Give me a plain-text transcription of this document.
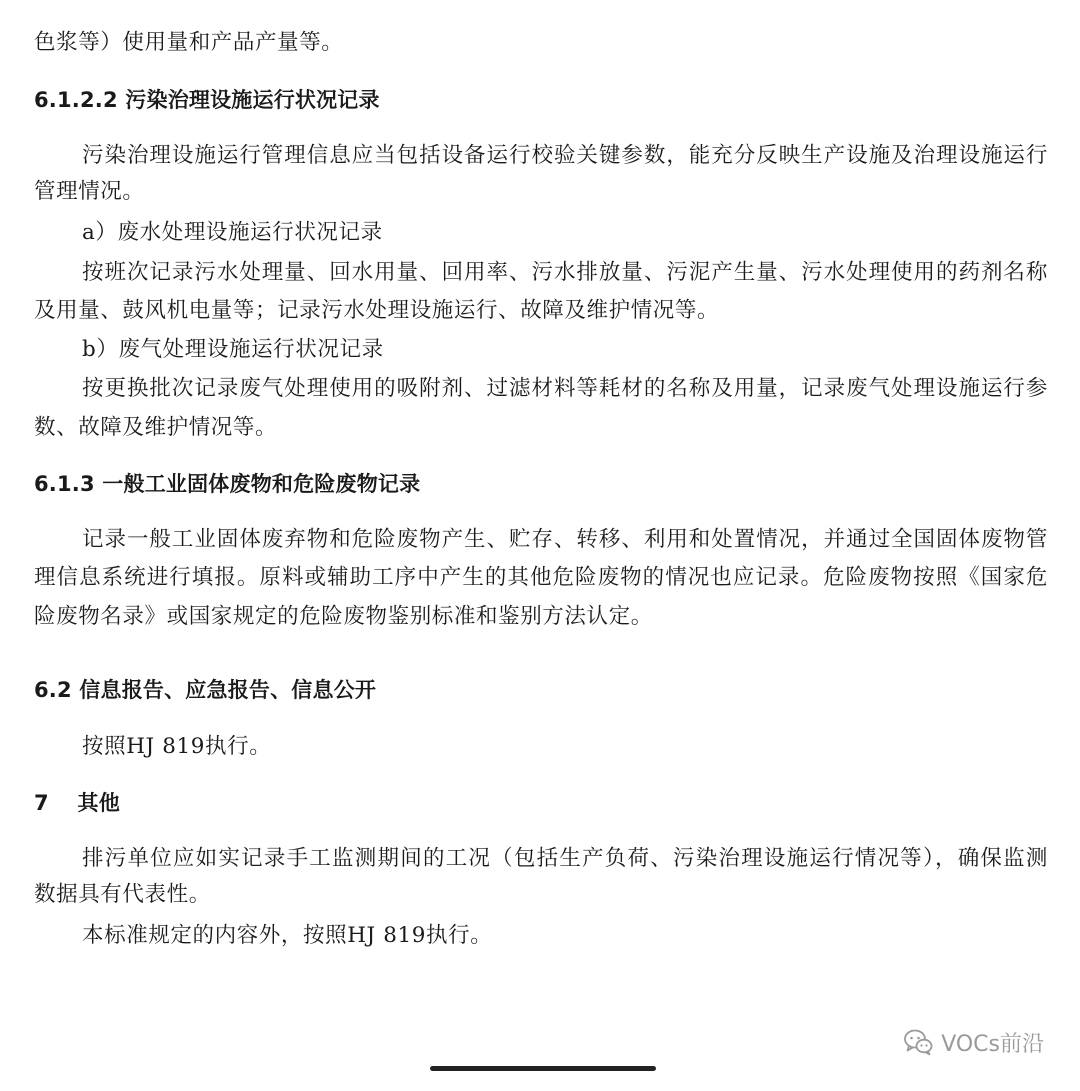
色浆等）使用量和产品产量等。
6.1.2.2 污染治理设施运行状况记录
污染治理设施运行管理信息应当包括设备运行校验关键参数，能充分反映生产设施及治理设施运行
管理情况。
a）废水处理设施运行状况记录
按班次记录污水处理量、回水用量、回用率、污水排放量、污泥产生量、污水处理使用的药剂名称
及用量、鼓风机电量等；记录污水处理设施运行、故障及维护情况等。
b）废气处理设施运行状况记录
按更换批次记录废气处理使用的吸附剂、过滤材料等耗材的名称及用量，记录废气处理设施运行参
数、故障及维护情况等。
6.1.3 一般工业固体废物和危险废物记录
记录一般工业固体废弃物和危险废物产生、贮存、转移、利用和处置情况，并通过全国固体废物管
理信息系统进行填报。原料或辅助工序中产生的其他危险废物的情况也应记录。危险废物按照《国家危
险废物名录》或国家规定的危险废物鉴别标准和鉴别方法认定。
6.2 信息报告、应急报告、信息公开
按照HJ 819执行。
7　 其他
排污单位应如实记录手工监测期间的工况（包括生产负荷、污染治理设施运行情况等），确保监测
数据具有代表性。
本标准规定的内容外，按照HJ 819执行。
VOCs前沿
